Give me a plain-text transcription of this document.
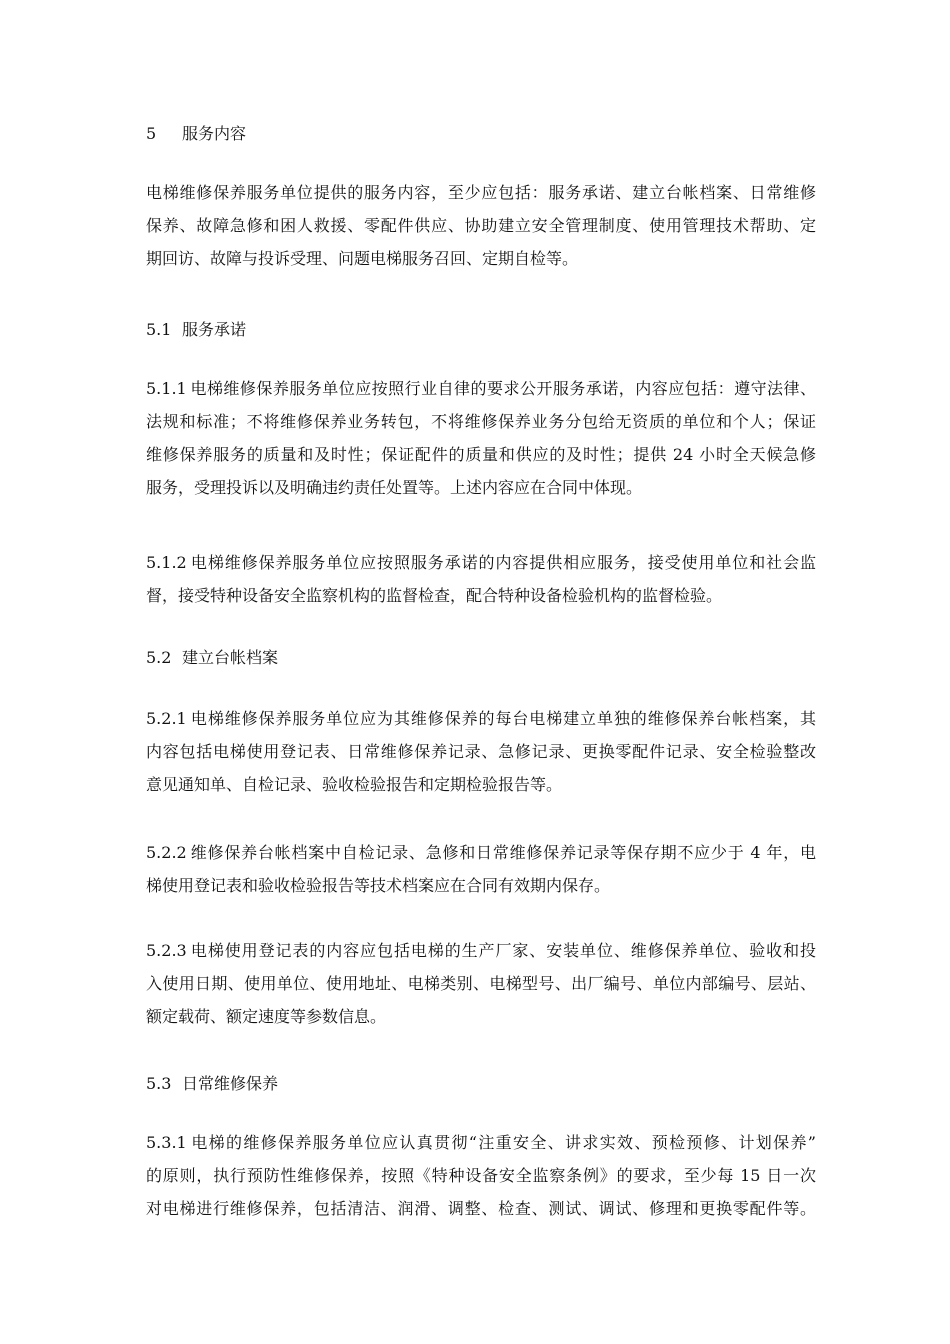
5 服务内容
电梯维修保养服务单位提供的服务内容，至少应包括：服务承诺、建立台帐档案、日常维修
保养、故障急修和困人救援、零配件供应、协助建立安全管理制度、使用管理技术帮助、定
期回访、故障与投诉受理、问题电梯服务召回、定期自检等。
5.1 服务承诺
5.1.1 电梯维修保养服务单位应按照行业自律的要求公开服务承诺，内容应包括：遵守法律、
法规和标准；不将维修保养业务转包，不将维修保养业务分包给无资质的单位和个人；保证
维修保养服务的质量和及时性；保证配件的质量和供应的及时性；提供 24 小时全天候急修
服务，受理投诉以及明确违约责任处置等。上述内容应在合同中体现。
5.1.2 电梯维修保养服务单位应按照服务承诺的内容提供相应服务，接受使用单位和社会监
督，接受特种设备安全监察机构的监督检查，配合特种设备检验机构的监督检验。
5.2 建立台帐档案
5.2.1 电梯维修保养服务单位应为其维修保养的每台电梯建立单独的维修保养台帐档案，其
内容包括电梯使用登记表、日常维修保养记录、急修记录、更换零配件记录、安全检验整改
意见通知单、自检记录、验收检验报告和定期检验报告等。
5.2.2 维修保养台帐档案中自检记录、急修和日常维修保养记录等保存期不应少于 4 年，电
梯使用登记表和验收检验报告等技术档案应在合同有效期内保存。
5.2.3 电梯使用登记表的内容应包括电梯的生产厂家、安装单位、维修保养单位、验收和投
入使用日期、使用单位、使用地址、电梯类别、电梯型号、出厂编号、单位内部编号、层站、
额定载荷、额定速度等参数信息。
5.3 日常维修保养
5.3.1 电梯的维修保养服务单位应认真贯彻“注重安全、讲求实效、预检预修、计划保养”
的原则，执行预防性维修保养，按照《特种设备安全监察条例》的要求，至少每 15 日一次
对电梯进行维修保养，包括清洁、润滑、调整、检查、测试、调试、修理和更换零配件等。
